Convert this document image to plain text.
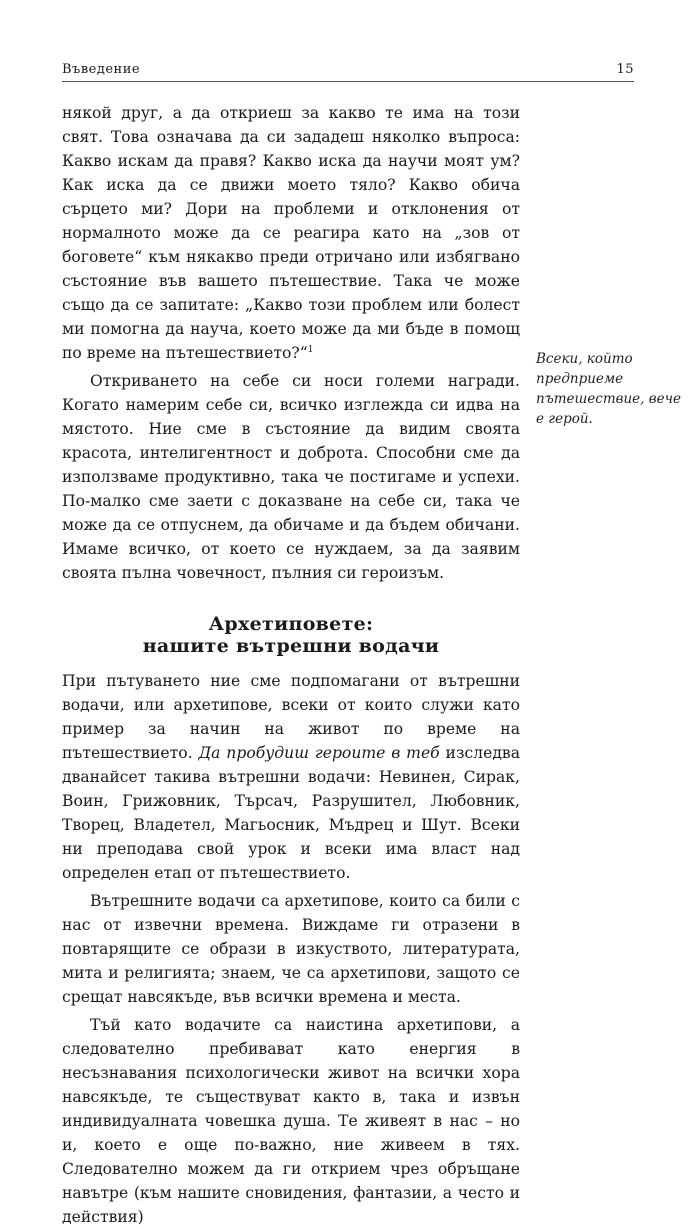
Въведение	15

някой друг, а да откриеш за какво те има на този свят. Това означава да си зададеш няколко въпроса: Какво искам да правя? Какво иска да научи моят ум? Как иска да се движи моето тяло? Какво обича сърцето ми? Дори на проблеми и отклонения от нормалното може да се реагира като на „зов от боговете“ към някакво преди отричано или избягвано състояние във вашето пътешествие. Така че може също да се запитате: „Какво този проблем или болест ми помогна да науча, което може да ми бъде в помощ по време на пътешествието?“$^1$

Откриването на себе си носи големи награди. Когато намерим себе си, всичко изглежда си идва на мястото. Ние сме в състояние да видим своята красота, интелигентност и доброта. Способни сме да използваме продуктивно, така че постигаме и успехи. По-малко сме заети с доказване на себе си, така че може да се отпуснем, да обичаме и да бъдем обичани. Имаме всичко, от което се нуждаем, за да заявим своята пълна човечност, пълния си героизъм.

Архетиповете:
нашите вътрешни водачи

При пътуването ние сме подпомагани от вътрешни водачи, или архетипове, всеки от които служи като пример за начин на живот по време на пътешествието. Да пробудиш героите в теб изследва дванайсет такива вътрешни водачи: Невинен, Сирак, Воин, Грижовник, Търсач, Разрушител, Любовник, Творец, Владетел, Магьосник, Мъдрец и Шут. Всеки ни преподава свой урок и всеки има власт над определен етап от пътешествието.

Вътрешните водачи са архетипове, които са били с нас от извечни времена. Виждаме ги отразени в повтарящите се образи в изкуството, литературата, мита и религията; знаем, че са архетипови, защото се срещат навсякъде, във всички времена и места.

Тъй като водачите са наистина архетипови, а следователно пребивават като енергия в несъзнавания психологически живот на всички хора навсякъде, те съществуват както в, така и извън индивидуалната човешка душа. Те живеят в нас – но и, което е още по-важно, ние живеем в тях. Следователно можем да ги открием чрез обръщане навътре (към нашите сновидения, фантазии, а често и действия)

Всеки, който предприеме пътешествие, вече е герой.
